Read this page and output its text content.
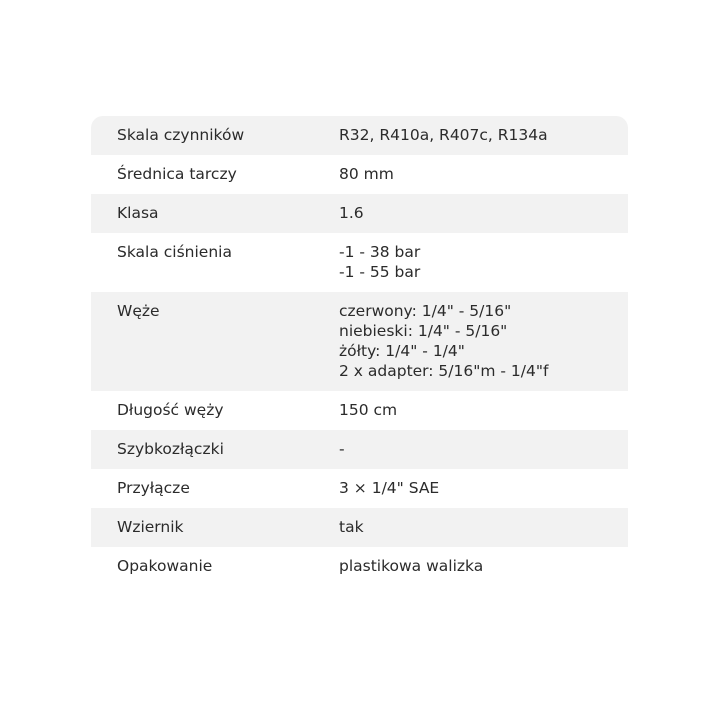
Skala czynników	R32, R410a, R407c, R134a
Średnica tarczy	80 mm
Klasa	1.6
Skala ciśnienia	-1 - 38 bar
-1 - 55 bar
Węże	czerwony: 1/4" - 5/16"
niebieski: 1/4" - 5/16"
żółty: 1/4" - 1/4"
2 x adapter: 5/16"m - 1/4"f
Długość węży	150 cm
Szybkozłączki	-
Przyłącze	3 × 1/4" SAE
Wziernik	tak
Opakowanie	plastikowa walizka
